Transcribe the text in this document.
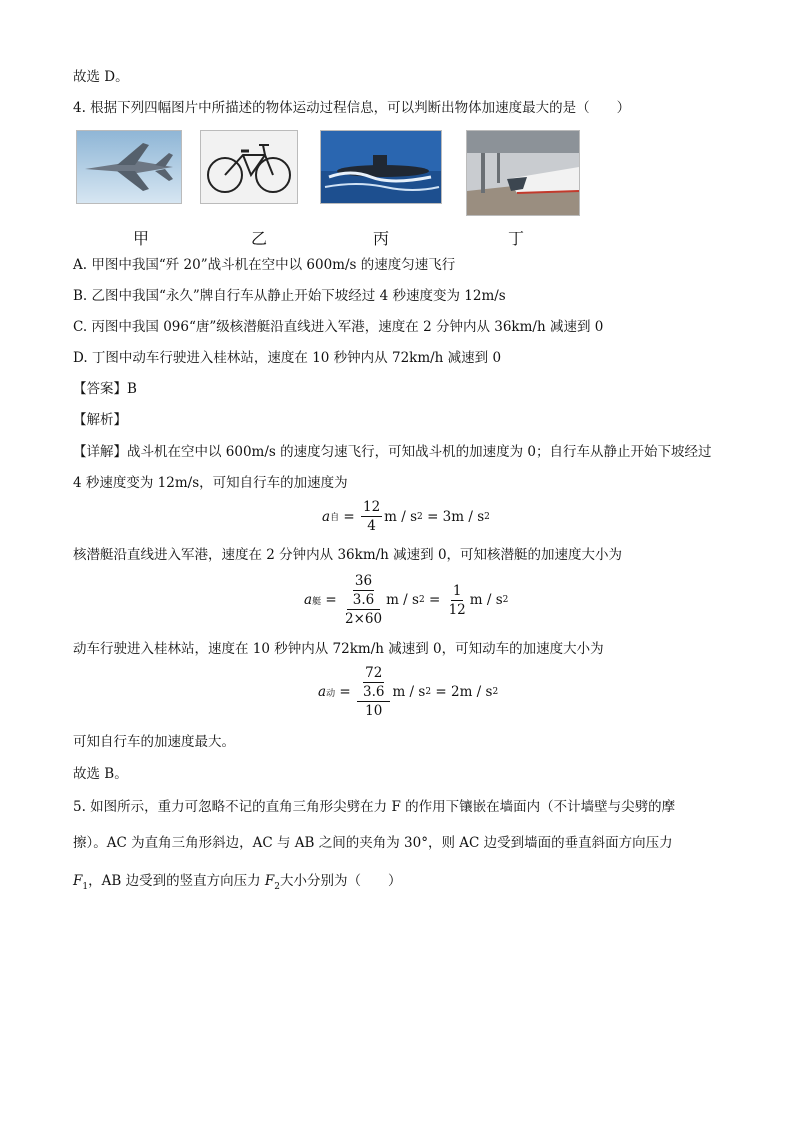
故选 D。
4. 根据下列四幅图片中所描述的物体运动过程信息，可以判断出物体加速度最大的是（　　）
甲	乙	丙	丁
A. 甲图中我国“歼 20”战斗机在空中以 600m/s 的速度匀速飞行
B. 乙图中我国“永久”牌自行车从静止开始下坡经过 4 秒速度变为 12m/s
C. 丙图中我国 096“唐”级核潜艇沿直线进入军港，速度在 2 分钟内从 36km/h 减速到 0
D. 丁图中动车行驶进入桂林站，速度在 10 秒钟内从 72km/h 减速到 0
【答案】B
【解析】
【详解】战斗机在空中以 600m/s 的速度匀速飞行，可知战斗机的加速度为 0；自行车从静止开始下坡经过
4 秒速度变为 12m/s，可知自行车的加速度为
a 自 = $\frac{12}{4}$ m / s 2
= 3m / s 2
核潜艇沿直线进入军港，速度在 2 分钟内从 36km/h 减速到 0，可知核潜艇的加速度大小为
a 艇 = $\frac{\frac{36}{3.6}}{2\times 60}$ m / s $2 = \frac{1}{12}$ m / s 2
动车行驶进入桂林站，速度在 10 秒钟内从 72km/h 减速到 0，可知动车的加速度大小为
a 动 = $\frac{\frac{72}{3.6}}{10}$ m / s 2
= 2m / s 2
可知自行车的加速度最大。
故选 B。
5. 如图所示，重力可忽略不记的直角三角形尖劈在力 F 的作用下镶嵌在墙面内（不计墙壁与尖劈的摩
擦）。AC 为直角三角形斜边，AC 与 AB 之间的夹角为 30°，则 AC 边受到墙面的垂直斜面方向压力
$F_1$，AB 边受到的竖直方向压力 $F_2$大小分别为（　　）
